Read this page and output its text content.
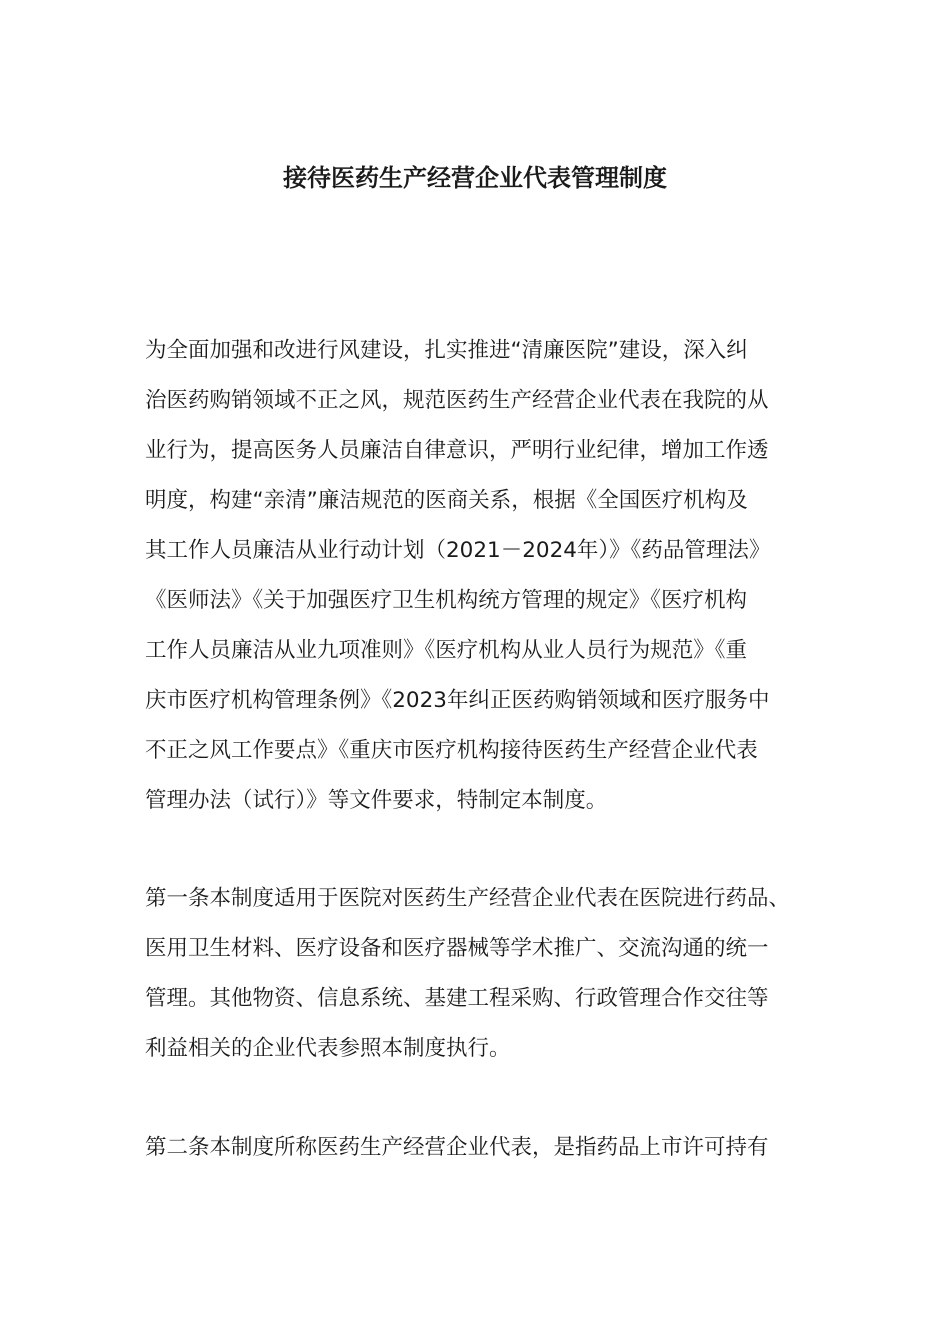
接待医药生产经营企业代表管理制度

为全面加强和改进行风建设，扎实推进“清廉医院”建设，深入纠
治医药购销领域不正之风，规范医药生产经营企业代表在我院的从
业行为，提高医务人员廉洁自律意识，严明行业纪律，增加工作透
明度，构建“亲清”廉洁规范的医商关系，根据《全国医疗机构及
其工作人员廉洁从业行动计划（2021－2024年）》《药品管理法》
《医师法》《关于加强医疗卫生机构统方管理的规定》《医疗机构
工作人员廉洁从业九项准则》《医疗机构从业人员行为规范》《重
庆市医疗机构管理条例》《2023年纠正医药购销领域和医疗服务中
不正之风工作要点》《重庆市医疗机构接待医药生产经营企业代表
管理办法（试行）》等文件要求，特制定本制度。

第一条本制度适用于医院对医药生产经营企业代表在医院进行药品、
医用卫生材料、医疗设备和医疗器械等学术推广、交流沟通的统一
管理。其他物资、信息系统、基建工程采购、行政管理合作交往等
利益相关的企业代表参照本制度执行。

第二条本制度所称医药生产经营企业代表，是指药品上市许可持有
